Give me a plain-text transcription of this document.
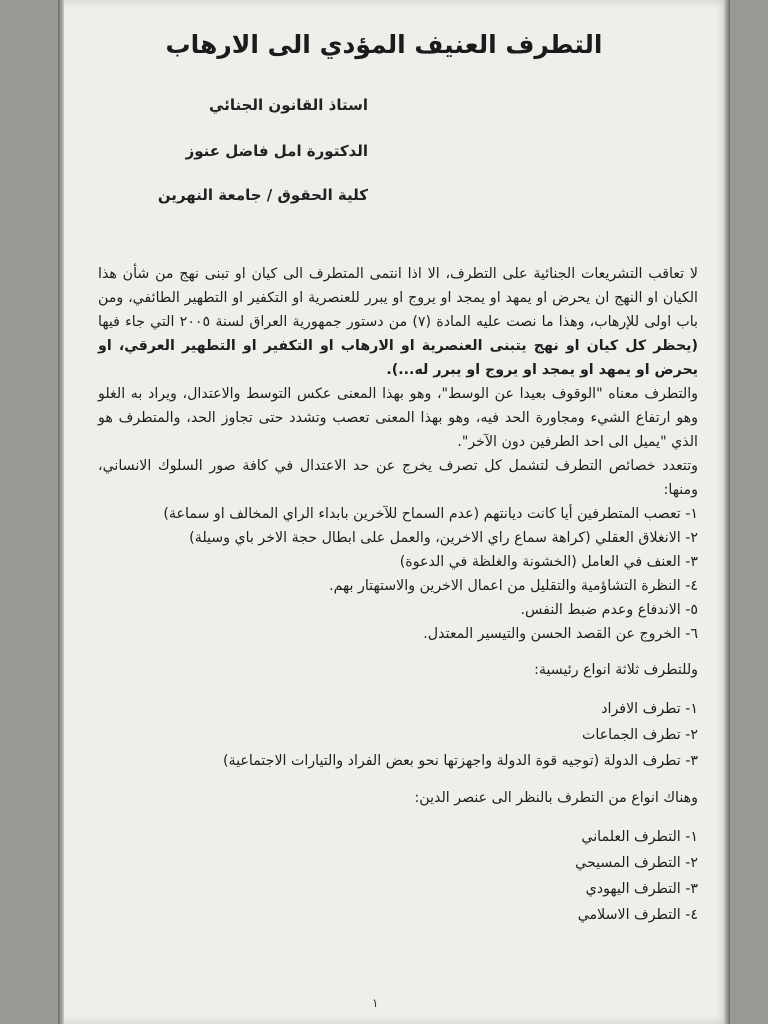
التطرف العنيف المؤدي الى الارهاب
استاذ القانون الجنائي
الدكتورة امل فاضل عنوز
كلية الحقوق / جامعة النهرين

لا تعاقب التشريعات الجنائية على التطرف، الا اذا انتمى المتطرف الى كيان او تبنى نهج من شأن هذا الكيان او النهج ان يحرض او يمهد او يمجد او يروج او يبرر للعنصرية او التكفير او التطهير الطائفي، ومن باب اولى للإرهاب، وهذا ما نصت عليه المادة (٧) من دستور جمهورية العراق لسنة ٢٠٠٥ التي جاء فيها (يحظر كل كيان او نهج يتبنى العنصرية او الارهاب او التكفير او التطهير العرقي، او يحرض او يمهد او يمجد او يروج او يبرر له...).

والتطرف معناه "الوقوف بعيدا عن الوسط"، وهو بهذا المعنى عكس التوسط والاعتدال، ويراد به الغلو وهو ارتفاع الشيء ومجاورة الحد فيه، وهو بهذا المعنى تعصب وتشدد حتى تجاوز الحد، والمتطرف هو الذي "يميل الى احد الطرفين دون الآخر".

وتتعدد خصائص التطرف لتشمل كل تصرف يخرج عن حد الاعتدال في كافة صور السلوك الانساني، ومنها:

١- تعصب المتطرفين أيا كانت ديانتهم (عدم السماح للآخرين بابداء الراي المخالف او سماعة)
٢- الانغلاق العقلي (كراهة سماع راي الاخرين، والعمل على ابطال حجة الاخر باي وسيلة)
٣- العنف في العامل (الخشونة والغلظة في الدعوة)
٤- النظرة التشاؤمية والتقليل من اعمال الاخرين والاستهتار بهم.
٥- الاندفاع وعدم ضبط النفس.
٦- الخروج عن القصد الحسن والتيسير المعتدل.

وللتطرف ثلاثة انواع رئيسية:

١- تطرف الافراد
٢- تطرف الجماعات
٣- تطرف الدولة (توجيه قوة الدولة واجهزتها نحو بعض الفراد والتيارات الاجتماعية)

وهناك انواع من التطرف بالنظر الى عنصر الدين:

١- التطرف العلماني
٢- التطرف المسيحي
٣- التطرف اليهودي
٤- التطرف الاسلامي
١
